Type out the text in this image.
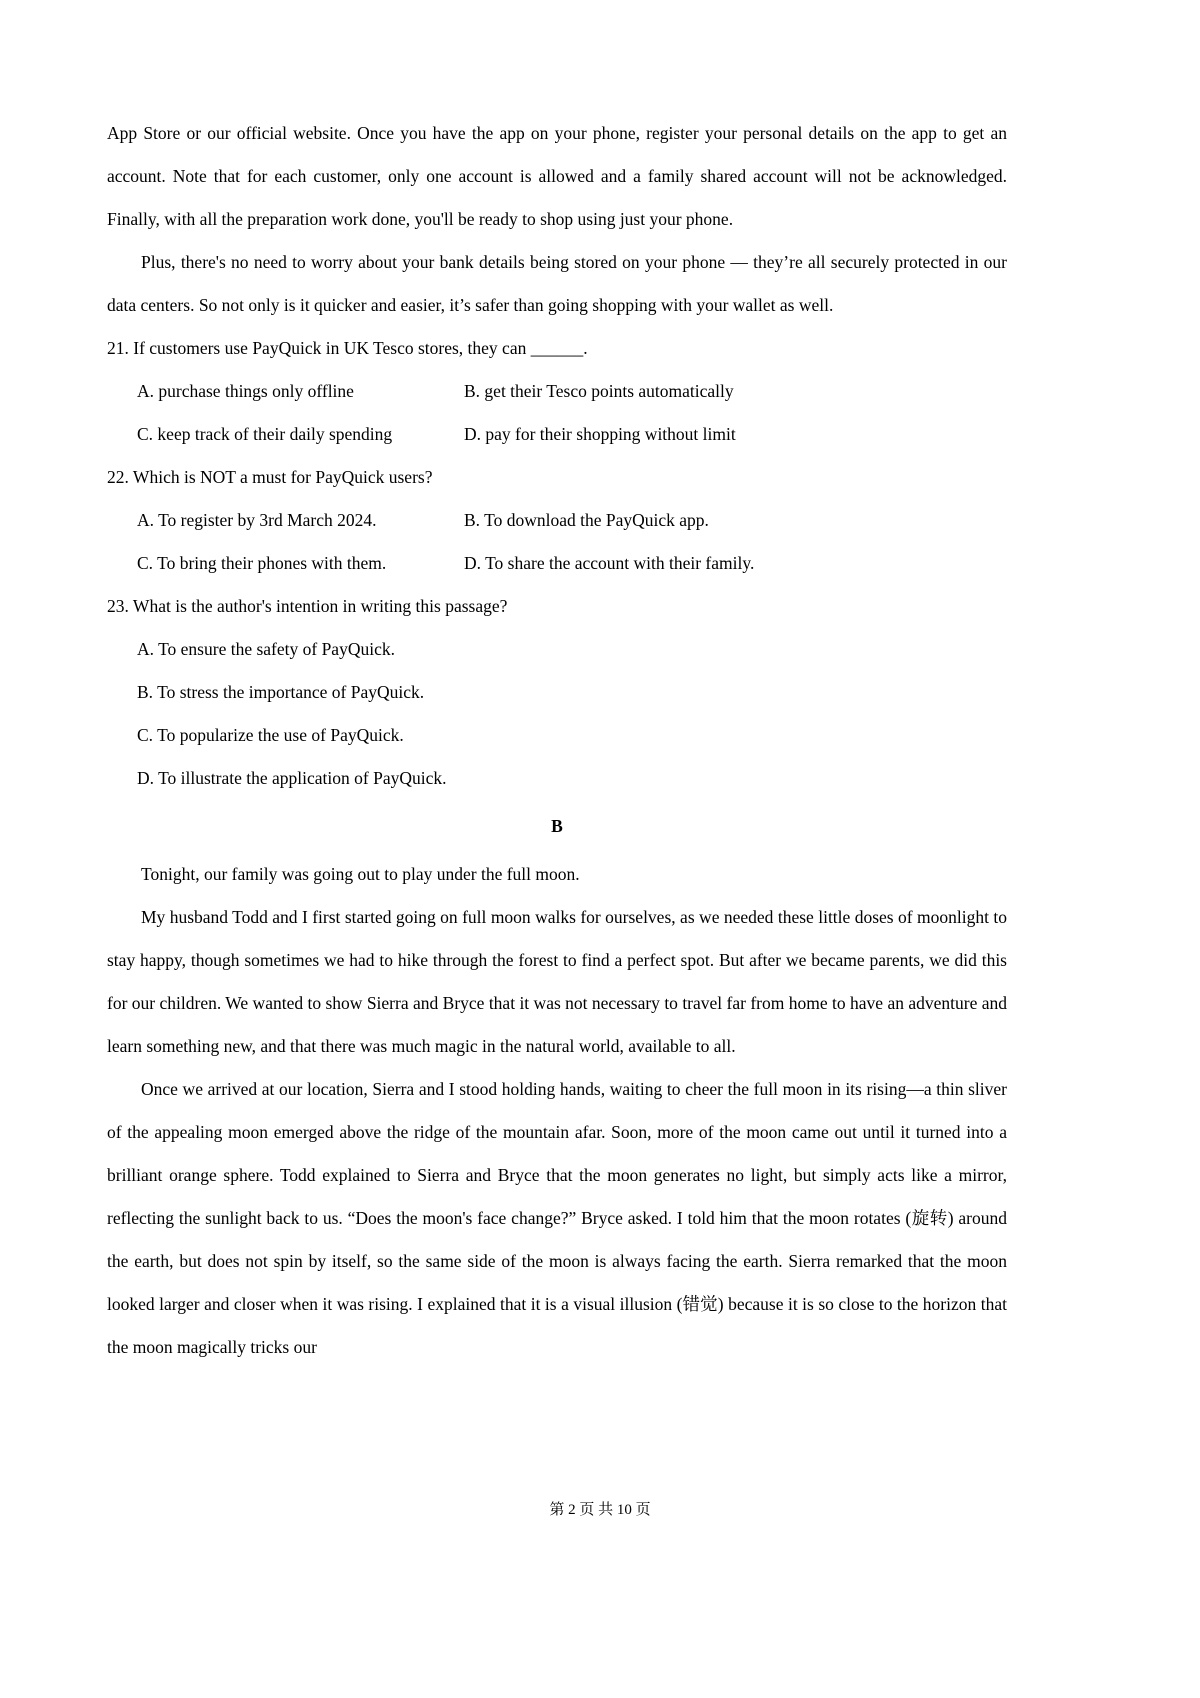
App Store or our official website. Once you have the app on your phone, register your personal details on the app to get an account. Note that for each customer, only one account is allowed and a family shared account will not be acknowledged. Finally, with all the preparation work done, you'll be ready to shop using just your phone.

Plus, there's no need to worry about your bank details being stored on your phone — they’re all securely protected in our data centers. So not only is it quicker and easier, it’s safer than going shopping with your wallet as well.

21. If customers use PayQuick in UK Tesco stores, they can ______.

A. purchase things only offline	B. get their Tesco points automatically
C. keep track of their daily spending	D. pay for their shopping without limit

22. Which is NOT a must for PayQuick users?

A. To register by 3rd March 2024.	B. To download the PayQuick app.
C. To bring their phones with them.	D. To share the account with their family.

23. What is the author's intention in writing this passage?

A. To ensure the safety of PayQuick.
B. To stress the importance of PayQuick.
C. To popularize the use of PayQuick.
D. To illustrate the application of PayQuick.
B

Tonight, our family was going out to play under the full moon.

My husband Todd and I first started going on full moon walks for ourselves, as we needed these little doses of moonlight to stay happy, though sometimes we had to hike through the forest to find a perfect spot. But after we became parents, we did this for our children. We wanted to show Sierra and Bryce that it was not necessary to travel far from home to have an adventure and learn something new, and that there was much magic in the natural world, available to all.

Once we arrived at our location, Sierra and I stood holding hands, waiting to cheer the full moon in its rising—a thin sliver of the appealing moon emerged above the ridge of the mountain afar. Soon, more of the moon came out until it turned into a brilliant orange sphere. Todd explained to Sierra and Bryce that the moon generates no light, but simply acts like a mirror, reflecting the sunlight back to us. “Does the moon's face change?” Bryce asked. I told him that the moon rotates (旋转) around the earth, but does not spin by itself, so the same side of the moon is always facing the earth. Sierra remarked that the moon looked larger and closer when it was rising. I explained that it is a visual illusion (错觉) because it is so close to the horizon that the moon magically tricks our

第 2 页 共 10 页
